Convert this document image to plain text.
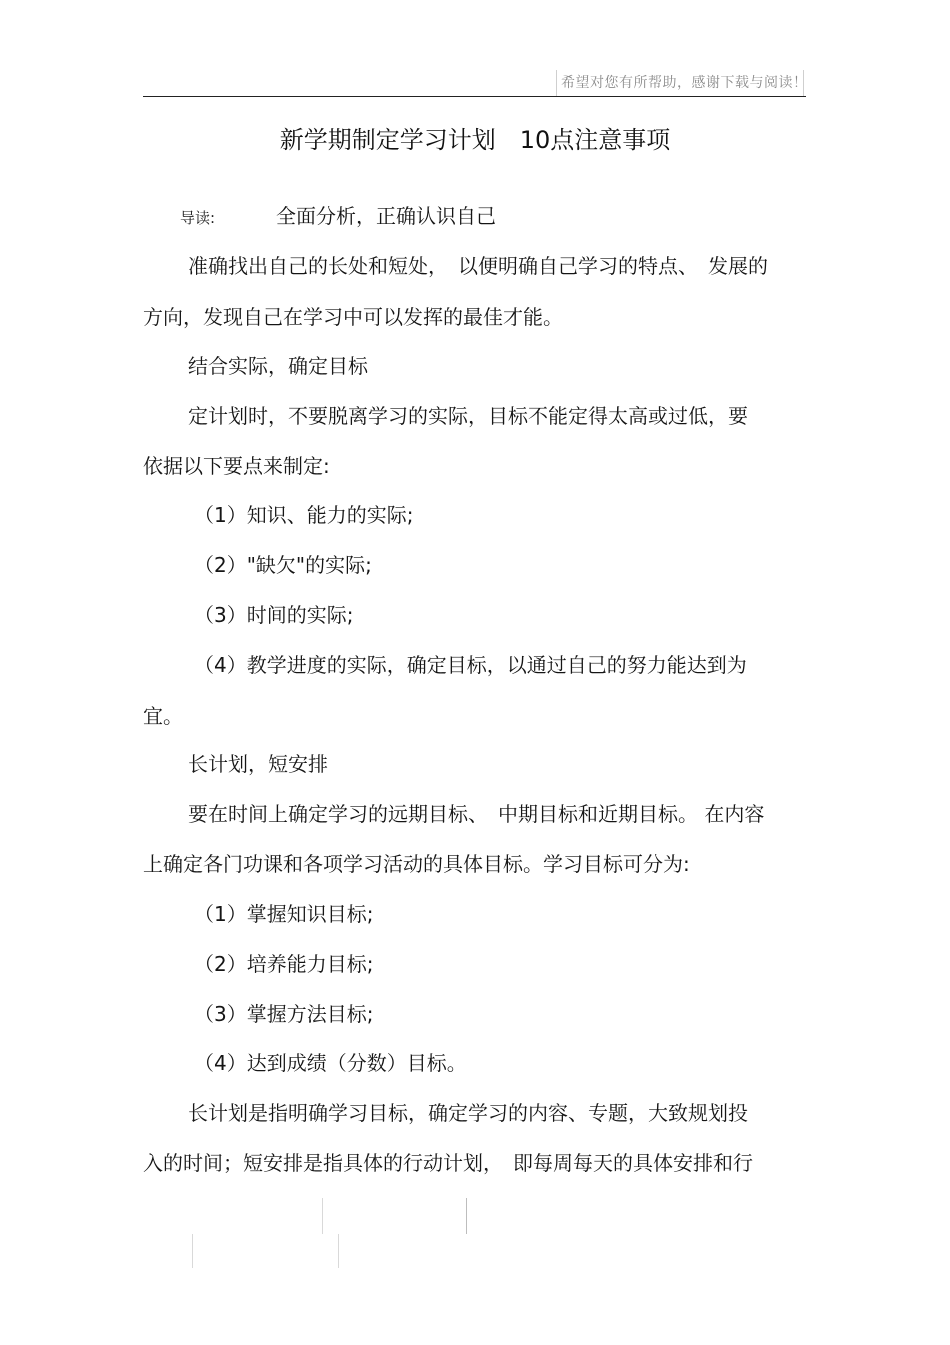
希望对您有所帮助，感谢下载与阅读！
新学期制定学习计划　10点注意事项
导读:	全面分析，正确认识自己
准确找出自己的长处和短处，　以便明确自己学习的特点、　发展的
方向，发现自己在学习中可以发挥的最佳才能。
结合实际，确定目标
定计划时，不要脱离学习的实际，目标不能定得太高或过低，要
依据以下要点来制定:
（1）知识、能力的实际;
（2）"缺欠"的实际;
（3）时间的实际;
（4）教学进度的实际，确定目标，以通过自己的努力能达到为
宜。
长计划，短安排
要在时间上确定学习的远期目标、　中期目标和近期目标。 在内容
上确定各门功课和各项学习活动的具体目标。学习目标可分为:
（1）掌握知识目标;
（2）培养能力目标;
（3）掌握方法目标;
（4）达到成绩（分数）目标。
长计划是指明确学习目标，确定学习的内容、专题，大致规划投
入的时间；短安排是指具体的行动计划，　即每周每天的具体安排和行
